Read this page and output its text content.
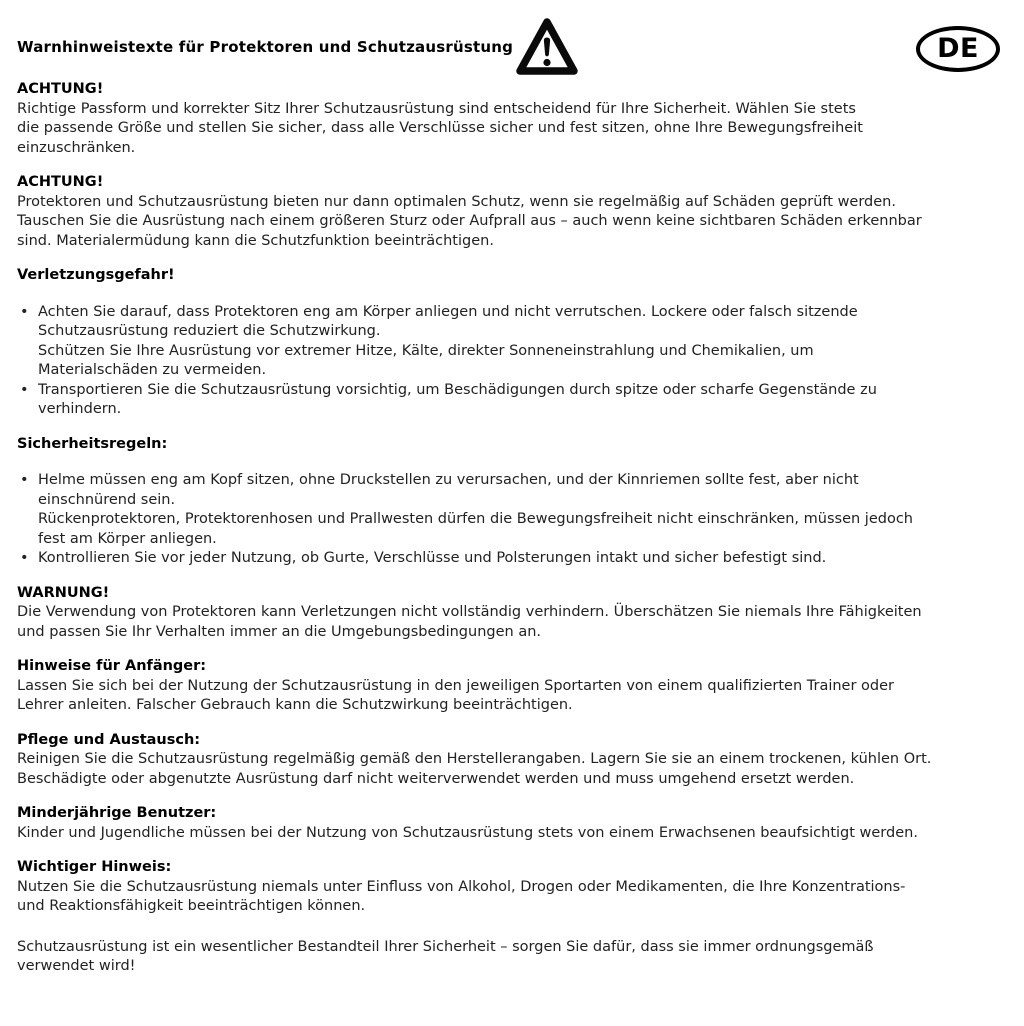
Warnhinweistexte für Protektoren und Schutzausrüstung	DE
ACHTUNG!
Richtige Passform und korrekter Sitz Ihrer Schutzausrüstung sind entscheidend für Ihre Sicherheit. Wählen Sie stets
die passende Größe und stellen Sie sicher, dass alle Verschlüsse sicher und fest sitzen, ohne Ihre Bewegungsfreiheit
einzuschränken.
ACHTUNG!
Protektoren und Schutzausrüstung bieten nur dann optimalen Schutz, wenn sie regelmäßig auf Schäden geprüft werden.
Tauschen Sie die Ausrüstung nach einem größeren Sturz oder Aufprall aus – auch wenn keine sichtbaren Schäden erkennbar
sind. Materialermüdung kann die Schutzfunktion beeinträchtigen.
Verletzungsgefahr!
• Achten Sie darauf, dass Protektoren eng am Körper anliegen und nicht verrutschen. Lockere oder falsch sitzende
Schutzausrüstung reduziert die Schutzwirkung.
Schützen Sie Ihre Ausrüstung vor extremer Hitze, Kälte, direkter Sonneneinstrahlung und Chemikalien, um
Materialschäden zu vermeiden.
• Transportieren Sie die Schutzausrüstung vorsichtig, um Beschädigungen durch spitze oder scharfe Gegenstände zu
verhindern.
Sicherheitsregeln:
• Helme müssen eng am Kopf sitzen, ohne Druckstellen zu verursachen, und der Kinnriemen sollte fest, aber nicht
einschnürend sein.
Rückenprotektoren, Protektorenhosen und Prallwesten dürfen die Bewegungsfreiheit nicht einschränken, müssen jedoch
fest am Körper anliegen.
• Kontrollieren Sie vor jeder Nutzung, ob Gurte, Verschlüsse und Polsterungen intakt und sicher befestigt sind.
WARNUNG!
Die Verwendung von Protektoren kann Verletzungen nicht vollständig verhindern. Überschätzen Sie niemals Ihre Fähigkeiten
und passen Sie Ihr Verhalten immer an die Umgebungsbedingungen an.
Hinweise für Anfänger:
Lassen Sie sich bei der Nutzung der Schutzausrüstung in den jeweiligen Sportarten von einem qualifizierten Trainer oder
Lehrer anleiten. Falscher Gebrauch kann die Schutzwirkung beeinträchtigen.
Pflege und Austausch:
Reinigen Sie die Schutzausrüstung regelmäßig gemäß den Herstellerangaben. Lagern Sie sie an einem trockenen, kühlen Ort.
Beschädigte oder abgenutzte Ausrüstung darf nicht weiterverwendet werden und muss umgehend ersetzt werden.
Minderjährige Benutzer:
Kinder und Jugendliche müssen bei der Nutzung von Schutzausrüstung stets von einem Erwachsenen beaufsichtigt werden.
Wichtiger Hinweis:
Nutzen Sie die Schutzausrüstung niemals unter Einfluss von Alkohol, Drogen oder Medikamenten, die Ihre Konzentrations-
und Reaktionsfähigkeit beeinträchtigen können.
Schutzausrüstung ist ein wesentlicher Bestandteil Ihrer Sicherheit – sorgen Sie dafür, dass sie immer ordnungsgemäß
verwendet wird!
